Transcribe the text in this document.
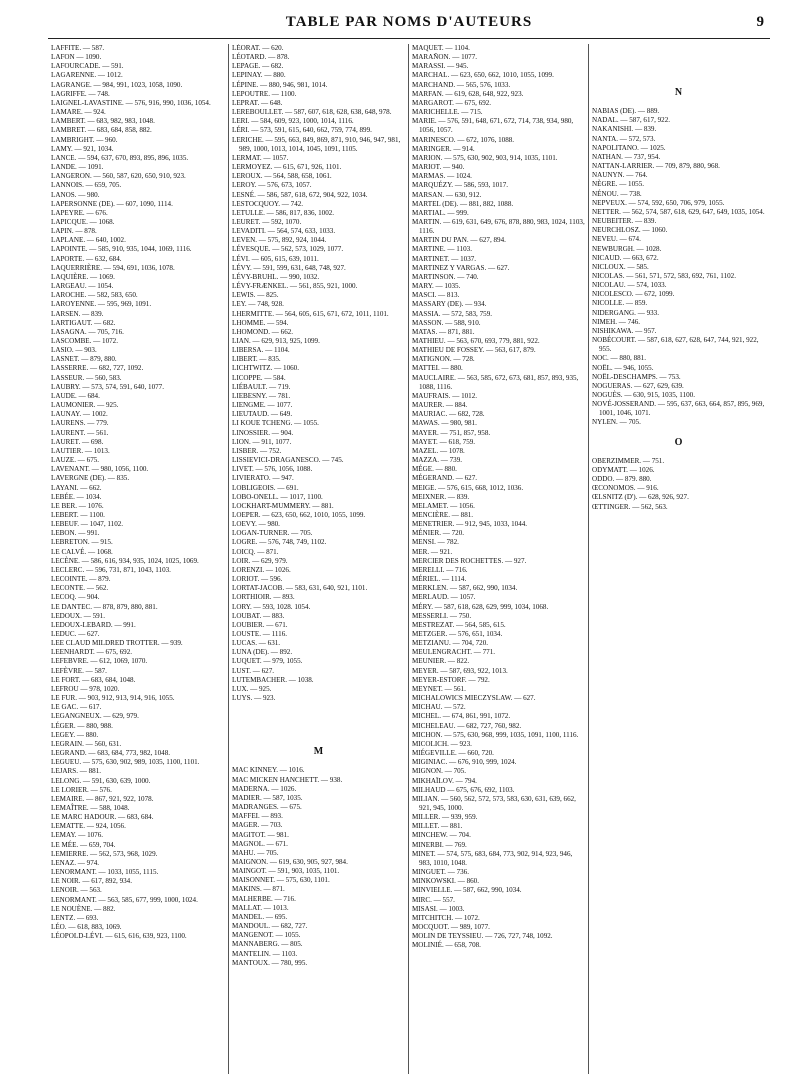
TABLE PAR NOMS D'AUTEURS	9

LAFFITE. — 587.

LAFON — 1090.

LAFOURCADE. — 591.

LAGARENNE. — 1012.

LAGRANGE. — 984, 991, 1023, 1058, 1090.

LAGRIFFE. — 748.

LAIGNEL-LAVASTINE. — 576, 916, 990, 1036, 1054.

LAMARE. — 924.

LAMBERT. — 683, 982, 983, 1048.

LAMBRET. — 683, 684, 858, 882.

LAMBRIGHT. — 960.

LAMY. — 921, 1034.

LANCE. — 594, 637, 670, 893, 895, 896, 1035.

LANDE. — 1091.

LANGERON. — 560, 587, 620, 650, 910, 923.

LANNOIS. — 659, 705.

LANOS. — 980.

LAPERSONNE (DE). — 607, 1090, 1114.

LAPEYRE. — 676.

LAPICQUE. — 1068.

LAPIN. — 878.

LAPLANE. — 640, 1002.

LAPOINTE. — 585, 910, 935, 1044, 1069, 1116.

LAPORTE. — 632, 684.

LAQUERRIÈRE. — 594, 691, 1036, 1078.

LAQUIÈRE. — 1069.

LARGEAU. — 1054.

LAROCHE. — 582, 583, 650.

LAROYENNE. — 595, 969, 1091.

LARSEN. — 839.

LARTIGAUT. — 682.

LASAGNA. — 705, 716.

LASCOMBE. — 1072.

LASIO. — 903.

LASNET. — 879, 880.

LASSERRE. — 682, 727, 1092.

LASSEUR. — 560, 583.

LAUBRY. — 573, 574, 591, 640, 1077.

LAUDE. — 684.

LAUMONIER. — 925.

LAUNAY. — 1002.

LAURENS. — 779.

LAURENT. — 561.

LAURET. — 698.

LAUTIER. — 1013.

LAUZE. — 675.

LAVENANT. — 980, 1056, 1100.

LAVERGNE (DE). — 835.

LAYANI. — 662.

LEBÉE. — 1034.

LE BER. — 1076.

LEBERT. — 1100.

LEBEUF. — 1047, 1102.

LEBON. — 991.

LEBRETON. — 915.

LE CALVÉ. — 1068.

LECÈNE. — 586, 616, 934, 935, 1024, 1025, 1069.

LECLERC. — 596, 731, 871, 1043, 1103.

LECOINTE. — 879.

LECONTE. — 562.

LECOQ. — 904.

LE DANTEC. — 878, 879, 880, 881.

LEDOUX. — 591.

LEDOUX-LEBARD. — 991.

LEDUC. — 627.

LEE CLAUD MILDRED TROTTER. — 939.

LEENHARDT. — 675, 692.

LEFEBVRE. — 612, 1069, 1070.

LEFÈVRE. — 587.

LE FORT. — 683, 684, 1048.

LEFROU — 978, 1020.

LE FUR. — 903, 912, 913, 914, 916, 1055.

LE GAC. — 617.

LEGANGNEUX. — 629, 979.

LÉGER. — 880, 988.

LEGEY. — 880.

LEGRAIN. — 560, 631.

LEGRAND. — 683, 684, 773, 982, 1048.

LEGUEU. — 575, 630, 902, 989, 1035, 1100, 1101.

LEJARS. — 881.

LELONG. — 591, 630, 639, 1000.

LE LORIER. — 576.

LEMAIRE. — 867, 921, 922, 1078.

LEMAÎTRE. — 588, 1048.

LE MARC HADOUR. — 683, 684.

LEMATTE. — 924, 1056.

LEMAY. — 1076.

LE MÉE. — 659, 704.

LEMIERRE. — 562, 573, 968, 1029.

LENAZ. — 974.

LENORMANT. — 1033, 1055, 1115.

LE NOIR. — 617, 892, 934.

LENOIR. — 563.

LENORMANT. — 563, 585, 677, 999, 1000, 1024.

LE NOUÈNE. — 882.

LENTZ. — 693.

LÉO. — 618, 883, 1069.

LÉOPOLD-LÉVI. — 615, 616, 639, 923, 1100.

LÉORAT. — 620.

LÉOTARD. — 878.

LEPAGE. — 682.

LEPINAY. — 880.

LÉPINE. — 880, 946, 981, 1014.

LEPOUTRE. — 1100.

LEPRAT. — 648.

LEREBOULLET. — 587, 607, 618, 628, 638, 648, 978.

LERI. — 584, 609, 923, 1000, 1014, 1116.

LÉRI. — 573, 591, 615, 640, 662, 759, 774, 899.

LERICHE. — 595, 663, 849, 869, 871, 910, 946, 947, 981, 989, 1000, 1013, 1014, 1045, 1091, 1105.

LERMAT. — 1057.

LERMOYEZ. — 615, 671, 926, 1101.

LEROUX. — 564, 588, 658, 1061.

LEROY. — 576, 673, 1057.

LESNÉ. — 586, 587, 618, 672, 904, 922, 1034.

LESTOCQUOY. — 742.

LETULLE. — 586, 817, 836, 1002.

LEURET. — 592, 1070.

LEVADITI. — 564, 574, 633, 1033.

LEVEN. — 575, 892, 924, 1044.

LÉVESQUE. — 562, 573, 1029, 1077.

LÉVI. — 605, 615, 639, 1011.

LÉVY. — 591, 599, 631, 648, 748, 927.

LÉVY-BRUHL. — 990, 1032.

LÉVY-FRÆNKEL. — 561, 855, 921, 1000.

LEWIS. — 825.

LEY. — 748, 928.

LHERMITTE. — 564, 605, 615, 671, 672, 1011, 1101.

LHOMME. — 594.

LHOMOND. — 662.

LIAN. — 629, 913, 925, 1099.

LIBERSA. — 1104.

LIBERT. — 835.

LICHTWITZ. — 1060.

LICOPPE. — 584.

LIÉBAULT. — 719.

LIEBESNY. — 781.

LIENGME. — 1077.

LIEUTAUD. — 649.

LI KOUE TCHENG. — 1055.

LINOSSIER. — 904.

LION. — 911, 1077.

LISBER. — 752.

LISSIEVICI-DRAGANESCO. — 745.

LIVET. — 576, 1056, 1088.

LIVIERATO. — 947.

LOBLIGEOIS. — 691.

LOBO-ONELL. — 1017, 1100.

LOCKHART-MUMMERY. — 881.

LOEPER. — 623, 650, 662, 1010, 1055, 1099.

LOEVY. — 980.

LOGAN-TURNER. — 705.

LOGRE. — 576, 748, 749, 1102.

LOICQ. — 871.

LOIR. — 629, 979.

LORENZI. — 1026.

LORIOT. — 596.

LORTAT-JACOB. — 583, 631, 640, 921, 1101.

LORTHIOIR. — 893.

LORY. — 593, 1028. 1054.

LOUBAT. — 883.

LOUBIER. — 671.

LOUSTE. — 1116.

LUCAS. — 631.

LUNA (DE). — 892.

LUQUET. — 979, 1055.

LUST. — 627.

LUTEMBACHER. — 1038.

LUX. — 925.

LUYS. — 923.

M

MAC KINNEY. — 1016.

MAC MICKEN HANCHETT. — 938.

MADERNA. — 1026.

MADIER. — 587, 1035.

MADRANGES. — 675.

MAFFEI. — 893.

MAGER. — 703.

MAGITOT. — 981.

MAGNOL. — 671.

MAHU. — 705.

MAIGNON. — 619, 630, 905, 927, 984.

MAINGOT. — 591, 903, 1035, 1101.

MAISONNET. — 575, 630, 1101.

MAKINS. — 871.

MALHERBE. — 716.

MALLAT. — 1013.

MANDEL. — 695.

MANDOUL. — 682, 727.

MANGENOT. — 1055.

MANNABERG. — 805.

MANTELIN. — 1103.

MANTOUX. — 780, 995.

MAQUET. — 1104.

MARAÑON. — 1077.

MARASSI. — 945.

MARCHAL. — 623, 650, 662, 1010, 1055, 1099.

MARCHAND. — 565, 576, 1033.

MARFAN. — 619, 628, 648, 922, 923.

MARGAROT. — 675, 692.

MARICHELLE. — 715.

MARIE. — 576, 591, 648, 671, 672, 714, 738, 934, 980, 1056, 1057.

MARINESCO. — 672, 1076, 1088.

MARINGER. — 914.

MARION. — 575, 630, 902, 903, 914, 1035, 1101.

MARIOT. — 940.

MARMAS. — 1024.

MARQUÉZY. — 586, 593, 1017.

MARSAN. — 630, 912.

MARTEL (DE). — 881, 882, 1088.

MARTIAL. — 999.

MARTIN. — 619, 631, 649, 676, 878, 880, 983, 1024, 1103, 1116.

MARTIN DU PAN. — 627, 894.

MARTINE. — 1103.

MARTINET. — 1037.

MARTINEZ Y VARGAS. — 627.

MARTINSON. — 740.

MARY. — 1035.

MASCI. — 813.

MASSARY (DE). — 934.

MASSIA. — 572, 583, 759.

MASSON. — 588, 910.

MATAS. — 871, 881.

MATHIEU. — 563, 670, 693, 779, 881, 922.

MATHIEU DE FOSSEY. — 563, 617, 879.

MATIGNON. — 728.

MATTEI. — 880.

MAUCLAIRE. — 563, 585, 672, 673, 681, 857, 893, 935, 1088, 1116.

MAUFRAIS. — 1012.

MAURER. — 884.

MAURIAC. — 682, 728.

MAWAS. — 980, 981.

MAYER. — 751, 857, 958.

MAYET. — 618, 759.

MAZEL. — 1078.

MAZZA. — 739.

MÉGE. — 880.

MÉGERAND. — 627.

MEIGE. — 576, 615, 668, 1012, 1036.

MEIXNER. — 839.

MELAMET. — 1056.

MENCIÈRE. — 881.

MENETRIER. — 912, 945, 1033, 1044.

MÉNIER. — 720.

MENSI. — 782.

MER. — 921.

MERCIER DES ROCHETTES. — 927.

MERELLI. — 716.

MÉRIEL. — 1114.

MERKLEN. — 587, 662, 990, 1034.

MERLAUD. — 1057.

MÉRY. — 587, 618, 628, 629, 999, 1034, 1068.

MESSERLI. — 750.

MESTREZAT. — 564, 585, 615.

METZGER. — 576, 651, 1034.

METZIANU. — 704, 720.

MEULENGRACHT. — 771.

MEUNIER. — 822.

MEYER. — 587, 693, 922, 1013.

MEYER-ESTORF. — 792.

MEYNET. — 561.

MICHALOWICS MIECZYSLAW. — 627.

MICHAU. — 572.

MICHEL. — 674, 861, 991, 1072.

MICHELEAU. — 682, 727, 760, 982.

MICHON. — 575, 630, 968, 999, 1035, 1091, 1100, 1116.

MICOLICH. — 923.

MIÉGEVILLE. — 660, 720.

MIGINIAC. — 676, 910, 999, 1024.

MIGNON. — 705.

MIKHAÏLOV. — 794.

MILHAUD — 675, 676, 692, 1103.

MILIAN. — 560, 562, 572, 573, 583, 630, 631, 639, 662, 921, 945, 1000.

MILLER. — 939, 959.

MILLET. — 881.

MINCHEW. — 704.

MINERBI. — 769.

MINET. — 574, 575, 683, 684, 773, 902, 914, 923, 946, 983, 1010, 1048.

MINGUET. — 736.

MINKOWSKI. — 860.

MINVIELLE. — 587, 662, 990, 1034.

MIRC. — 557.

MISASI. — 1003.

MITCHITCH. — 1072.

MOCQUOT. — 989, 1077.

MOLIN DE TEYSSIEU. — 726, 727, 748, 1092.

MOLINIÉ. — 658, 708.

N

NABIAS (DE). — 889.

NADAL. — 587, 617, 922.

NAKANISHI. — 839.

NANTA. — 572, 573.

NAPOLITANO. — 1025.

NATHAN. — 737, 954.

NATTAN-LARRIER. — 709, 879, 880, 968.

NAUNYN. — 764.

NÈGRE. — 1055.

NÉNOU. — 738.

NEPVEUX. — 574, 592, 650, 706, 979, 1055.

NETTER. — 562, 574, 587, 618, 629, 647, 649, 1035, 1054.

NEUBEITER. — 839.

NEURCHLOSZ. — 1060.

NEVEU. — 674.

NEWBURGH. — 1028.

NICAUD. — 663, 672.

NICLOUX. — 585.

NICOLAS. — 561, 571, 572, 583, 692, 761, 1102.

NICOLAU. — 574, 1033.

NICOLESCO. — 672, 1099.

NICOLLE. — 859.

NIDERGANG. — 933.

NIMEH. — 746.

NISHIKAWA. — 957.

NOBÉCOURT. — 587, 618, 627, 628, 647, 744, 921, 922, 955.

NOC. — 880, 881.

NOËL. — 946, 1055.

NOËL-DESCHAMPS. — 753.

NOGUERAS. — 627, 629, 639.

NOGUÈS. — 630, 915, 1035, 1100.

NOVÉ-JOSSERAND. — 595, 637, 663, 664, 857, 895, 969, 1001, 1046, 1071.

NYLEN. — 705.

O

OBERZIMMER. — 751.

ODYMATT. — 1026.

ODDO. — 879. 880.

ŒCONOMOS. — 916.

ŒLSNITZ (D'). — 628, 926, 927.

ŒTTINGER. — 562, 563.
